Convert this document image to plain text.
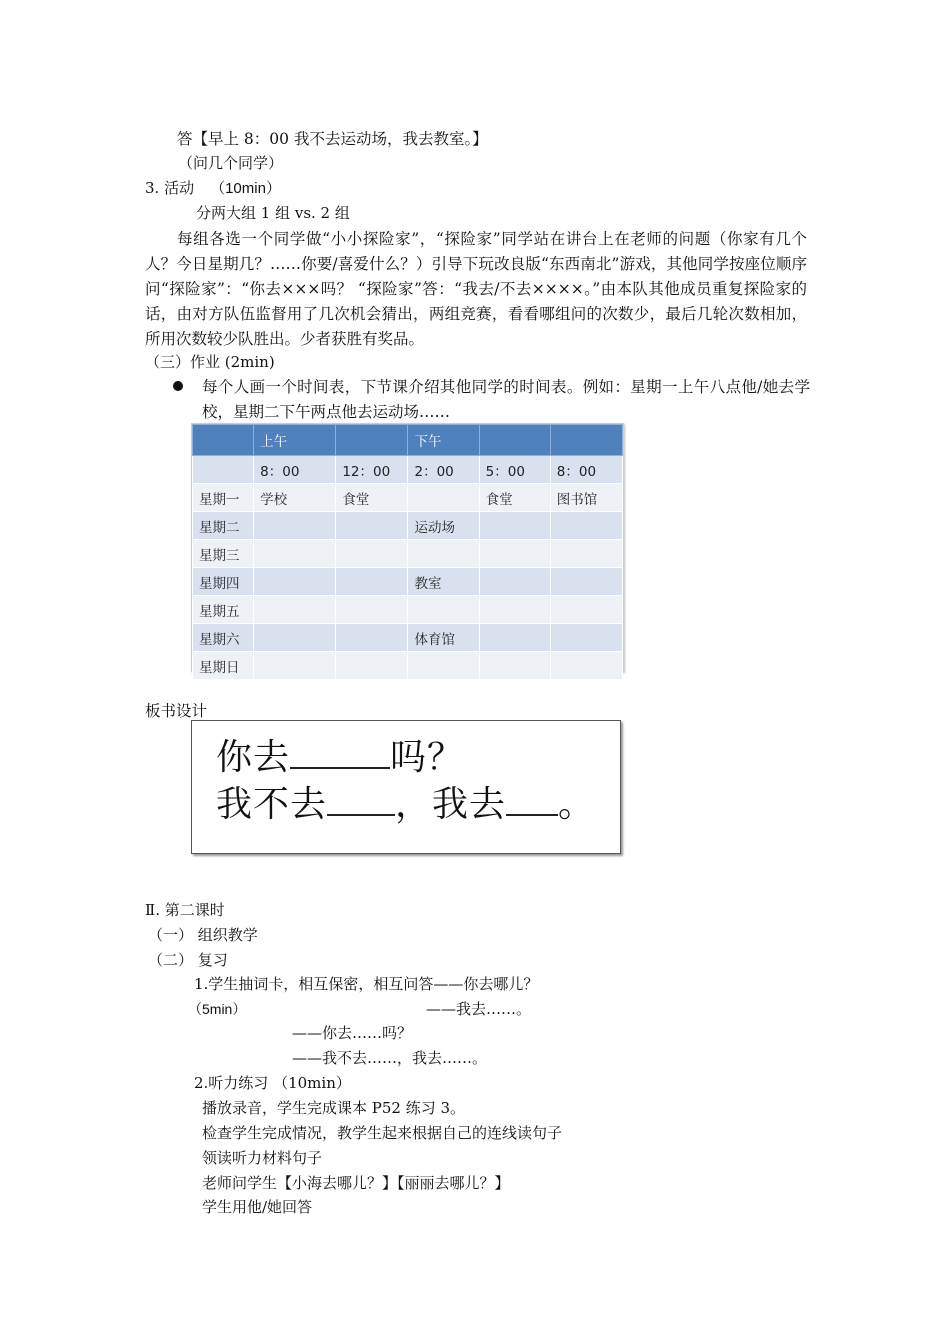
答【早上 8：00 我不去运动场，我去教室。】
（问几个同学）
3. 活动 （10min）
分两大组 1 组 vs. 2 组
每组各选一个同学做“小小探险家”，“探险家”同学站在讲台上在老师的问题（你家有几个人？今日星期几？……你要/喜爱什么？）引导下玩改良版“东西南北”游戏，其他同学按座位顺序问“探险家”：“你去×××吗？ “探险家”答：“我去/不去××××。”由本队其他成员重复探险家的话，由对方队伍监督用了几次机会猜出，两组竞赛，看看哪组问的次数少，最后几轮次数相加，所用次数较少队胜出。少者获胜有奖品。
（三）作业 (2min)
每个人画一个时间表，下节课介绍其他同学的时间表。例如：星期一上午八点他/她去学校，星期二下午两点他去运动场……
	上午		下午		
	8：00	12：00	2：00	5：00	8：00
星期一	学校	食堂		食堂	图书馆
星期二			运动场		
星期三					
星期四			教室		
星期五					
星期六			体育馆		
星期日					
板书设计
你去	吗？
我不去 ，我去 。
Ⅱ. 第二课时
（一） 组织教学
（二） 复习
1.学生抽词卡，相互保密，相互问答——你去哪儿？
（5min）	——我去……。
——你去……吗？
——我不去……，我去……。
2.听力练习 （10min）
播放录音，学生完成课本 P52 练习 3。
检查学生完成情况，教学生起来根据自己的连线读句子
领读听力材料句子
老师问学生【小海去哪儿？】【丽丽去哪儿？】
学生用他/她回答
